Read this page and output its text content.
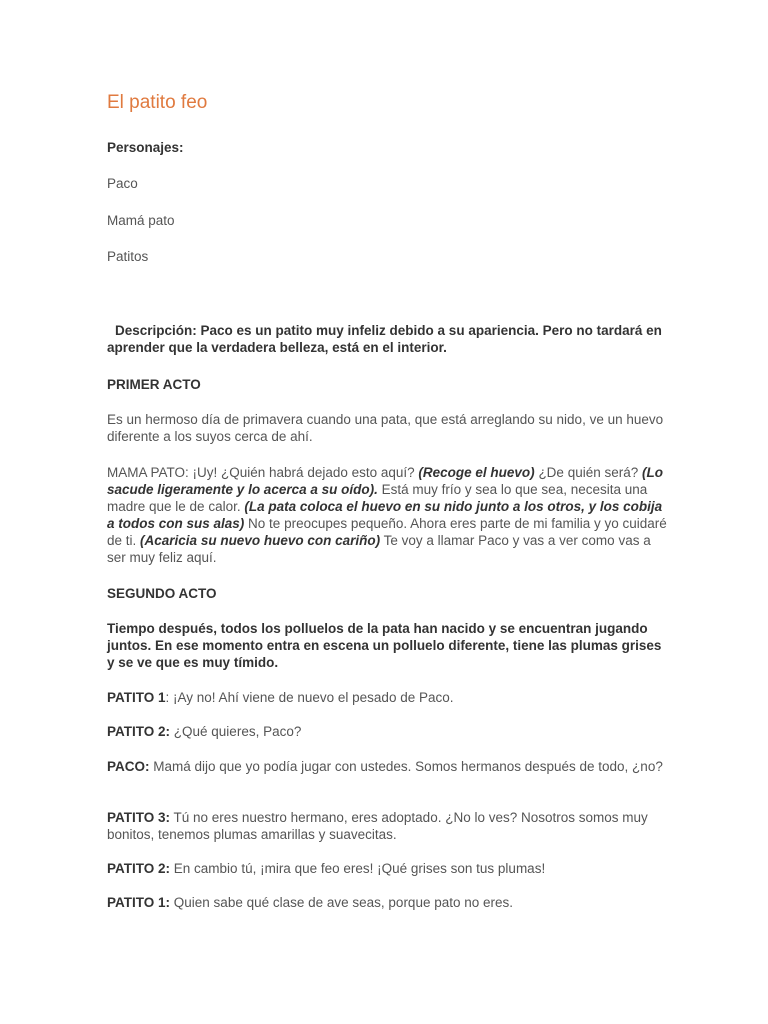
El patito feo

Personajes:

Paco

Mamá pato

Patitos

Descripción: Paco es un patito muy infeliz debido a su apariencia. Pero no tardará en aprender que la verdadera belleza, está en el interior.

PRIMER ACTO

Es un hermoso día de primavera cuando una pata, que está arreglando su nido, ve un huevo diferente a los suyos cerca de ahí.

MAMA PATO: ¡Uy! ¿Quién habrá dejado esto aquí? (Recoge el huevo) ¿De quién será? (Lo sacude ligeramente y lo acerca a su oído). Está muy frío y sea lo que sea, necesita una madre que le de calor. (La pata coloca el huevo en su nido junto a los otros, y los cobija a todos con sus alas) No te preocupes pequeño. Ahora eres parte de mi familia y yo cuidaré de ti. (Acaricia su nuevo huevo con cariño) Te voy a llamar Paco y vas a ver como vas a ser muy feliz aquí.

SEGUNDO ACTO

Tiempo después, todos los polluelos de la pata han nacido y se encuentran jugando juntos. En ese momento entra en escena un polluelo diferente, tiene las plumas grises y se ve que es muy tímido.

PATITO 1: ¡Ay no! Ahí viene de nuevo el pesado de Paco.

PATITO 2: ¿Qué quieres, Paco?

PACO: Mamá dijo que yo podía jugar con ustedes. Somos hermanos después de todo, ¿no?

PATITO 3: Tú no eres nuestro hermano, eres adoptado. ¿No lo ves? Nosotros somos muy bonitos, tenemos plumas amarillas y suavecitas.

PATITO 2: En cambio tú, ¡mira que feo eres! ¡Qué grises son tus plumas!

PATITO 1: Quien sabe qué clase de ave seas, porque pato no eres.
